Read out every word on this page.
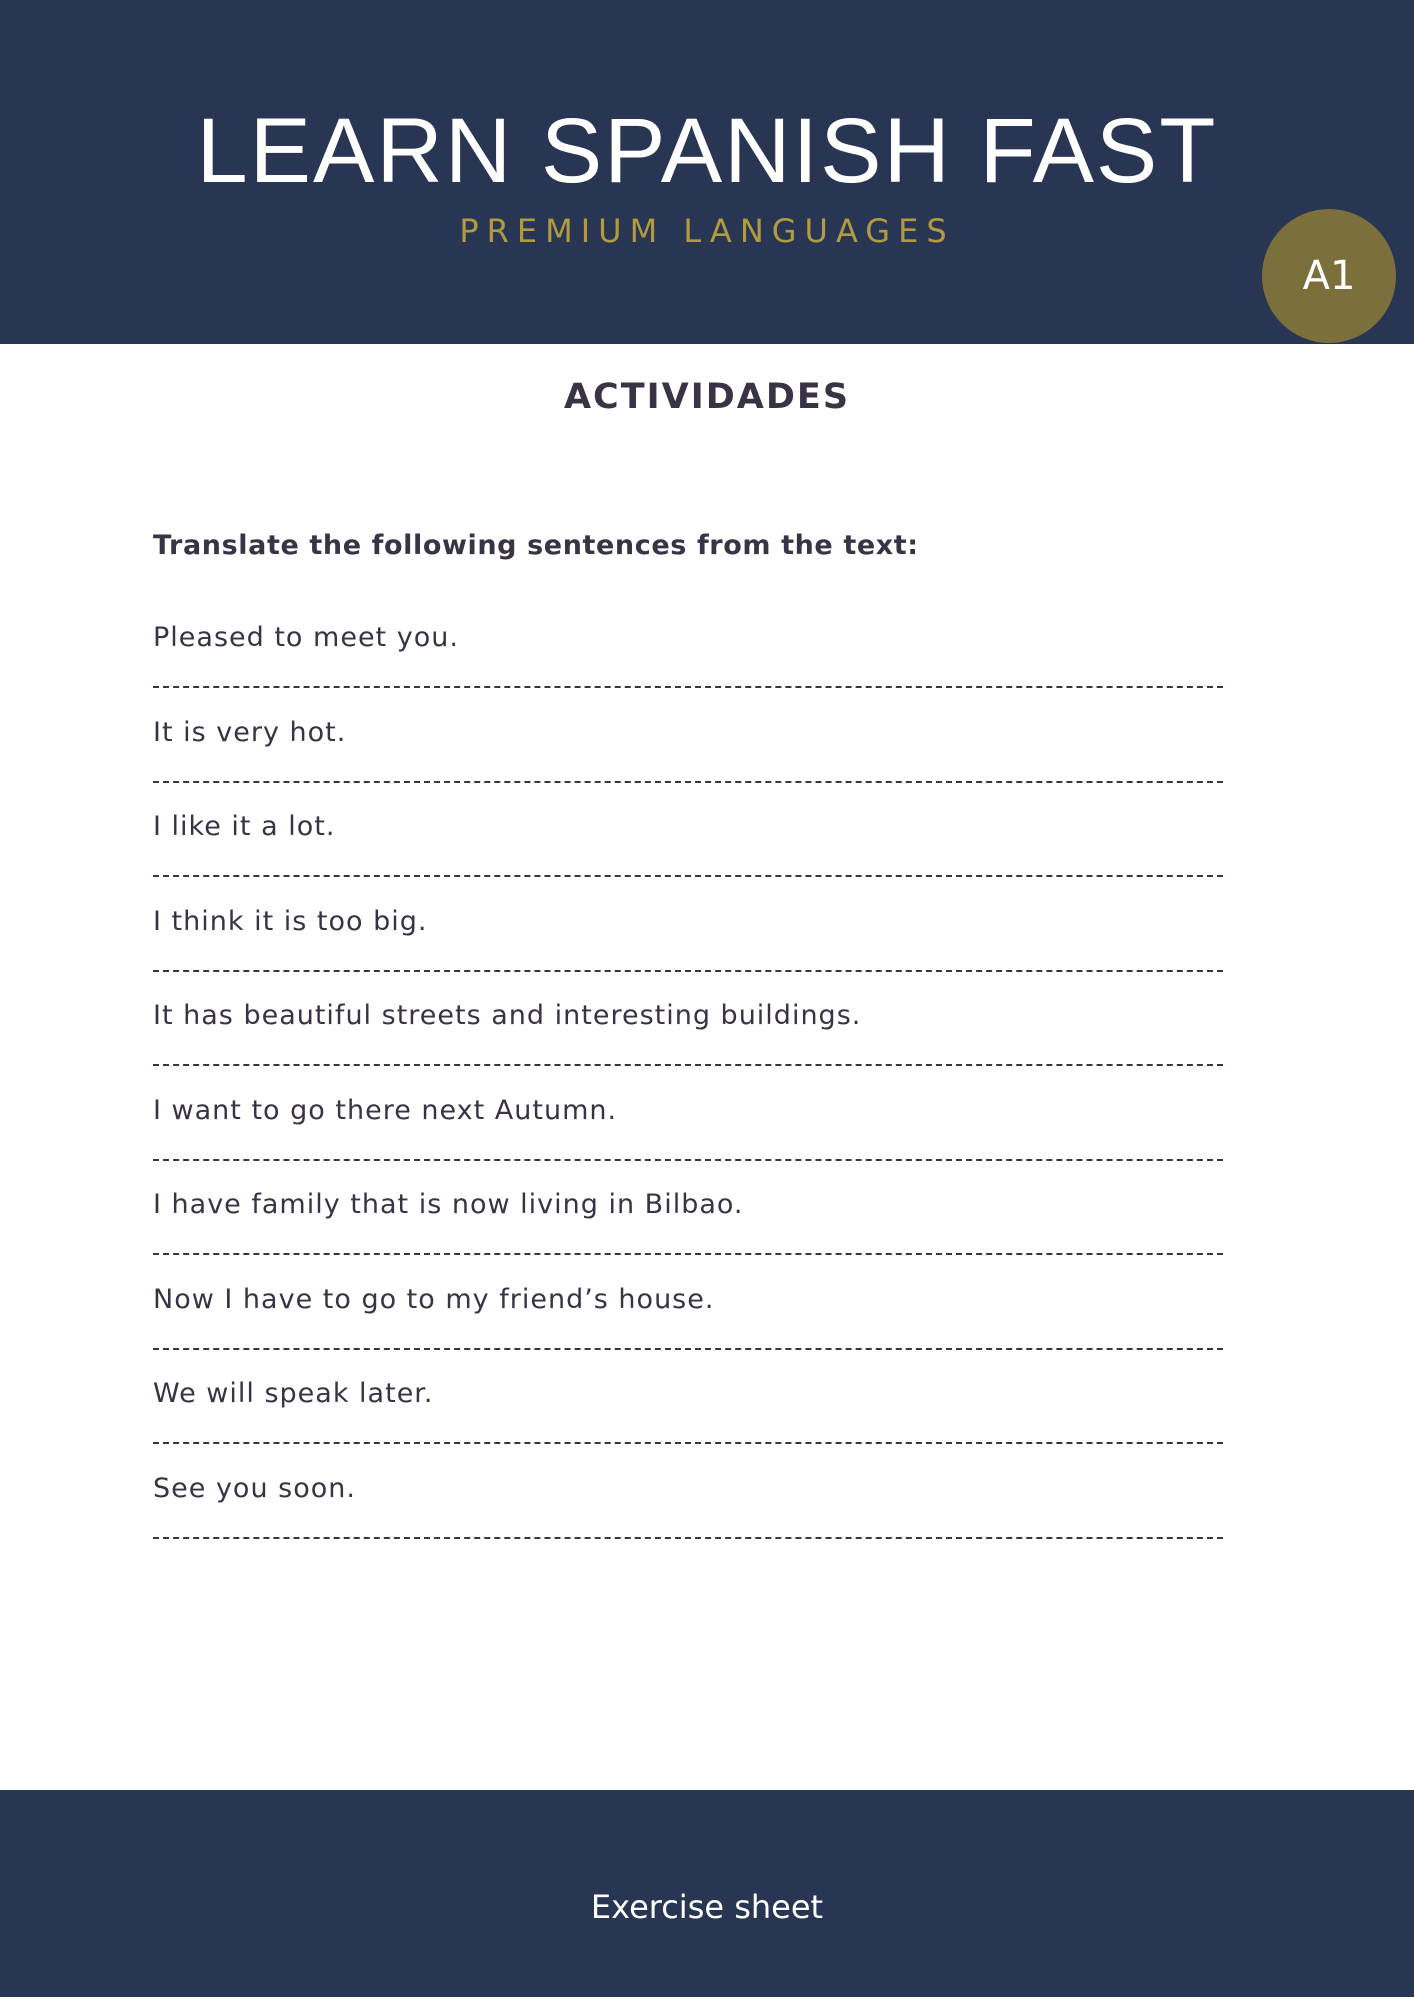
LEARN SPANISH FAST
PREMIUM LANGUAGES
A1
ACTIVIDADES
Translate the following sentences from the text:
Pleased to meet you.
It is very hot.
I like it a lot.
I think it is too big.
It has beautiful streets and interesting buildings.
I want to go there next Autumn.
I have family that is now living in Bilbao.
Now I have to go to my friend’s house.
We will speak later.
See you soon.
Exercise sheet
